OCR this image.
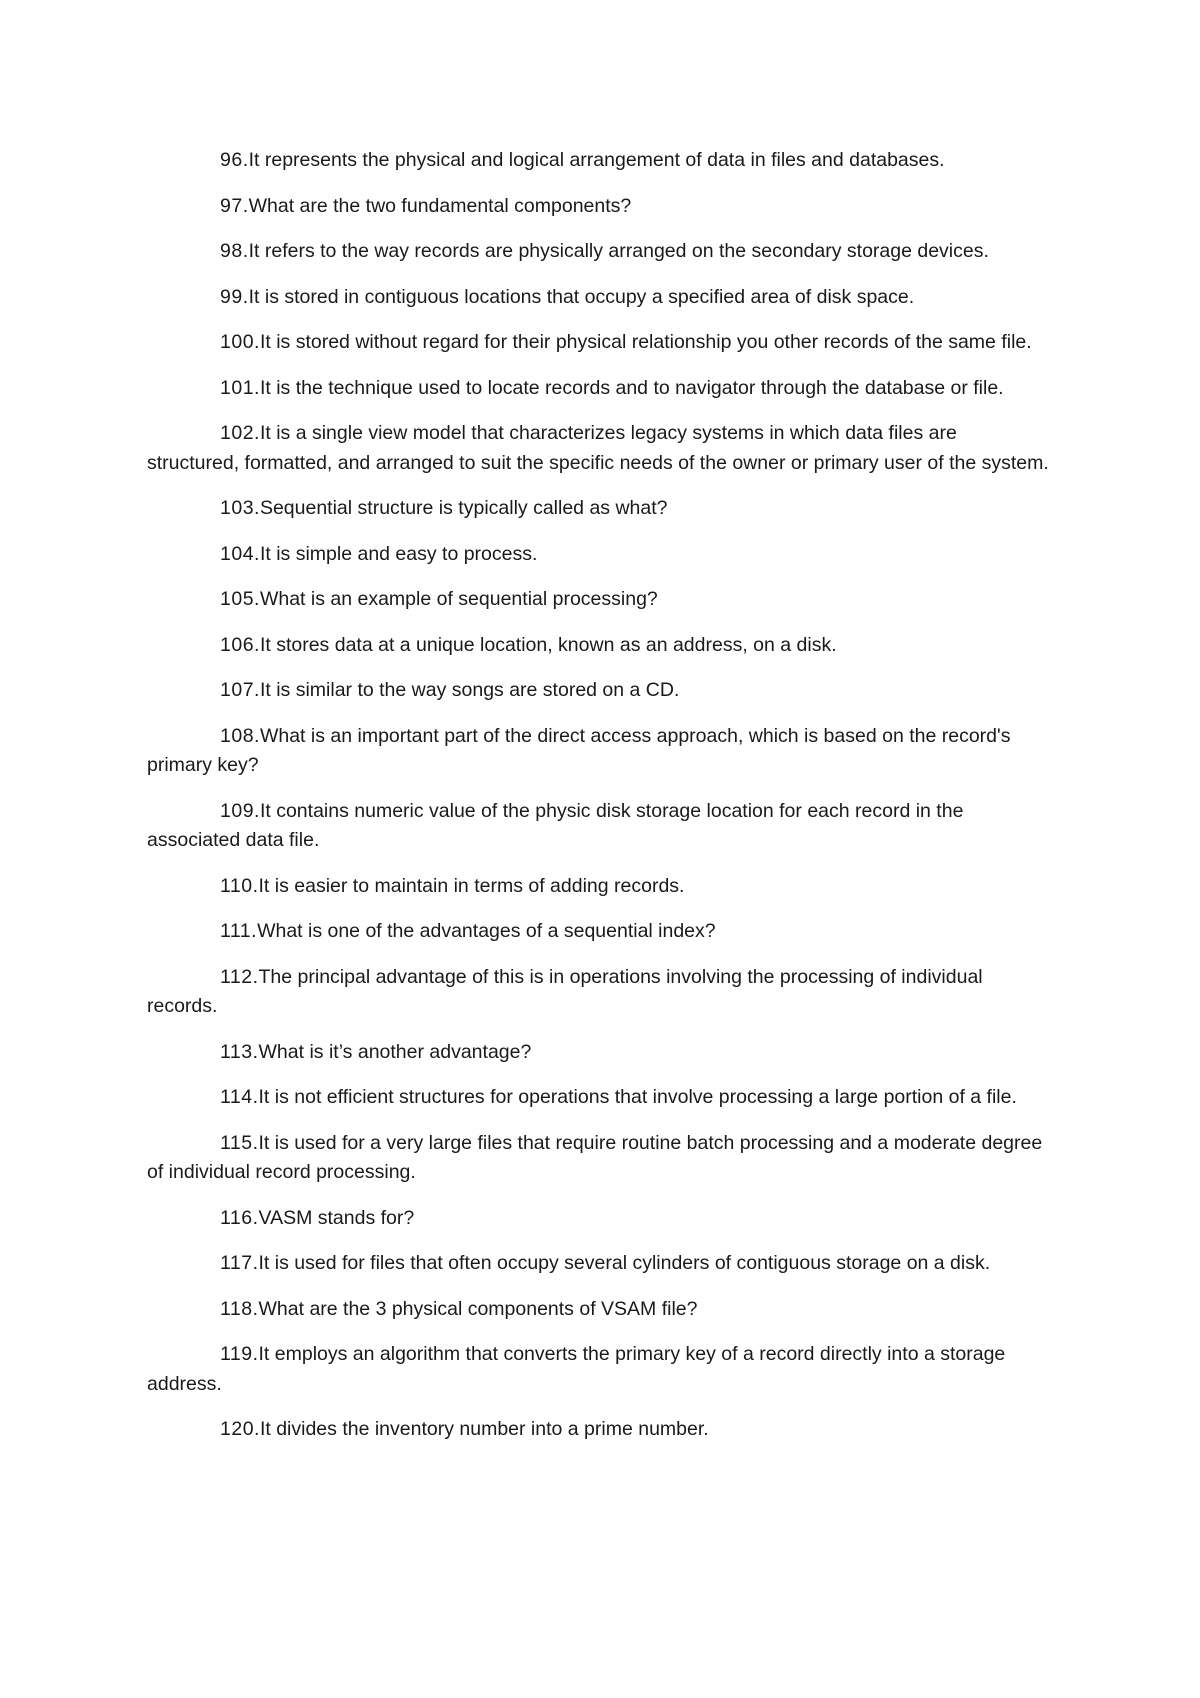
96.It represents the physical and logical arrangement of data in files and databases.

97.What are the two fundamental components?

98.It refers to the way records are physically arranged on the secondary storage devices.

99.It is stored in contiguous locations that occupy a specified area of disk space.

100.It is stored without regard for their physical relationship you other records of the same file.

101.It is the technique used to locate records and to navigator through the database or file.

102.It is a single view model that characterizes legacy systems in which data files are structured, formatted, and arranged to suit the specific needs of the owner or primary user of the system.

103.Sequential structure is typically called as what?

104.It is simple and easy to process.

105.What is an example of sequential processing?

106.It stores data at a unique location, known as an address, on a disk.

107.It is similar to the way songs are stored on a CD.

108.What is an important part of the direct access approach, which is based on the record's primary key?

109.It contains numeric value of the physic disk storage location for each record in the associated data file.

110.It is easier to maintain in terms of adding records.

111.What is one of the advantages of a sequential index?

112.The principal advantage of this is in operations involving the processing of individual records.

113.What is it’s another advantage?

114.It is not efficient structures for operations that involve processing a large portion of a file.

115.It is used for a very large files that require routine batch processing and a moderate degree of individual record processing.

116.VASM stands for?

117.It is used for files that often occupy several cylinders of contiguous storage on a disk.

118.What are the 3 physical components of VSAM file?

119.It employs an algorithm that converts the primary key of a record directly into a storage address.

120.It divides the inventory number into a prime number.
